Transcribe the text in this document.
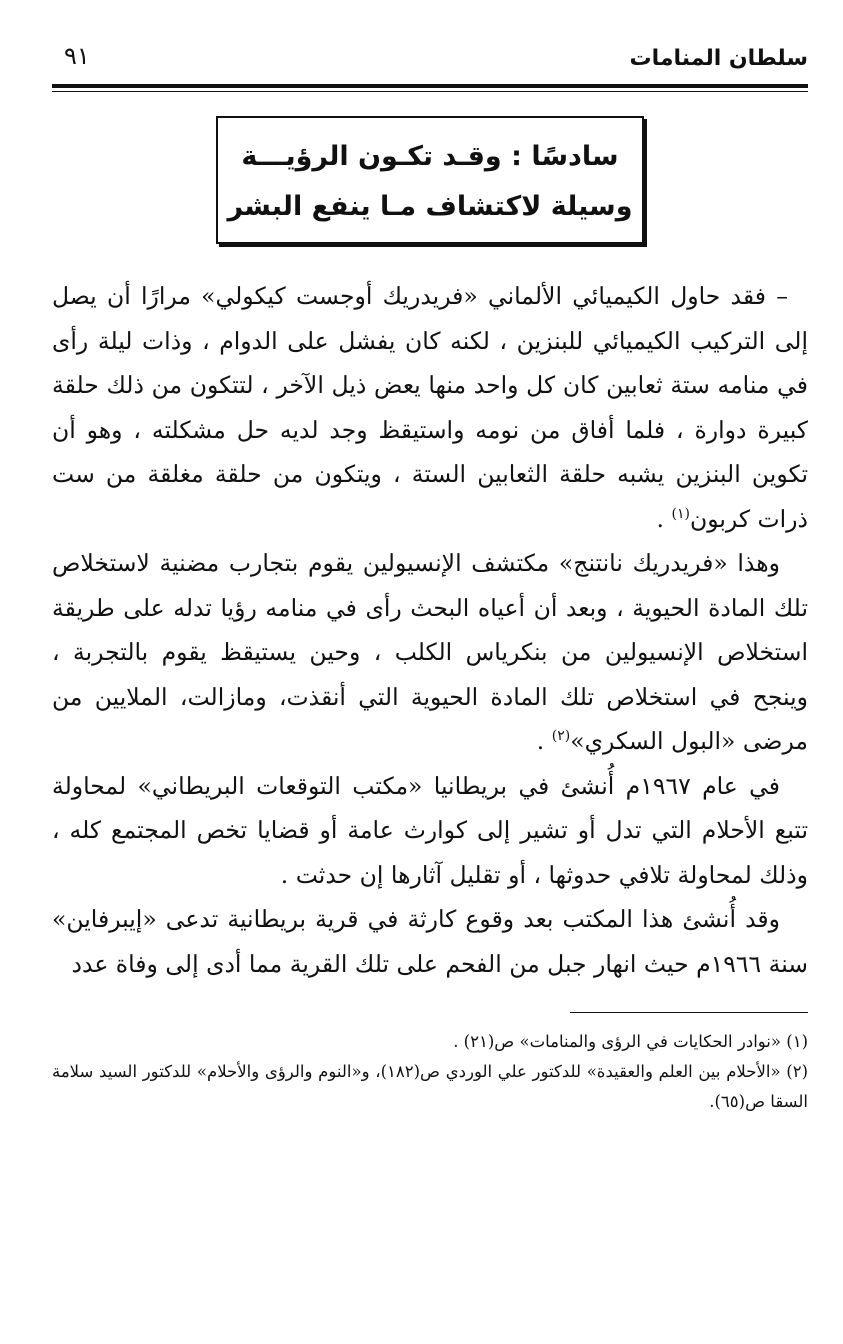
سلطان المنامات
٩١
سادسًا : وقـد تكـون الرؤيـــة
وسيلة لاكتشاف مـا ينفع البشر

– فقد حاول الكيميائي الألماني «فريدريك أوجست كيكولي» مرارًا أن يصل إلى التركيب الكيميائي للبنزين ، لكنه كان يفشل على الدوام ، وذات ليلة رأى في منامه ستة ثعابين كان كل واحد منها يعض ذيل الآخر ، لتتكون من ذلك حلقة كبيرة دوارة ، فلما أفاق من نومه واستيقظ وجد لديه حل مشكلته ، وهو أن تكوين البنزين يشبه حلقة الثعابين الستة ، ويتكون من حلقة مغلقة من ست ذرات كربون$^{(١)}$ .

وهذا «فريدريك نانتنج» مكتشف الإنسيولين يقوم بتجارب مضنية لاستخلاص تلك المادة الحيوية ، وبعد أن أعياه البحث رأى في منامه رؤيا تدله على طريقة استخلاص الإنسيولين من بنكرياس الكلب ، وحين يستيقظ يقوم بالتجربة ، وينجح في استخلاص تلك المادة الحيوية التي أنقذت، ومازالت، الملايين من مرضى «البول السكري»$^{(٢)}$ .

في عام ١٩٦٧م أُنشئ في بريطانيا «مكتب التوقعات البريطاني» لمحاولة تتبع الأحلام التي تدل أو تشير إلى كوارث عامة أو قضايا تخص المجتمع كله ، وذلك لمحاولة تلافي حدوثها ، أو تقليل آثارها إن حدثت .

وقد أُنشئ هذا المكتب بعد وقوع كارثة في قرية بريطانية تدعى «إيبرفاين» سنة ١٩٦٦م حيث انهار جبل من الفحم على تلك القرية مما أدى إلى وفاة عدد

(١) «نوادر الحكايات في الرؤى والمنامات» ص(٢١) .

(٢) «الأحلام بين العلم والعقيدة» للدكتور علي الوردي ص(١٨٢)، و«النوم والرؤى والأحلام» للدكتور السيد سلامة السقا ص(٦٥).
